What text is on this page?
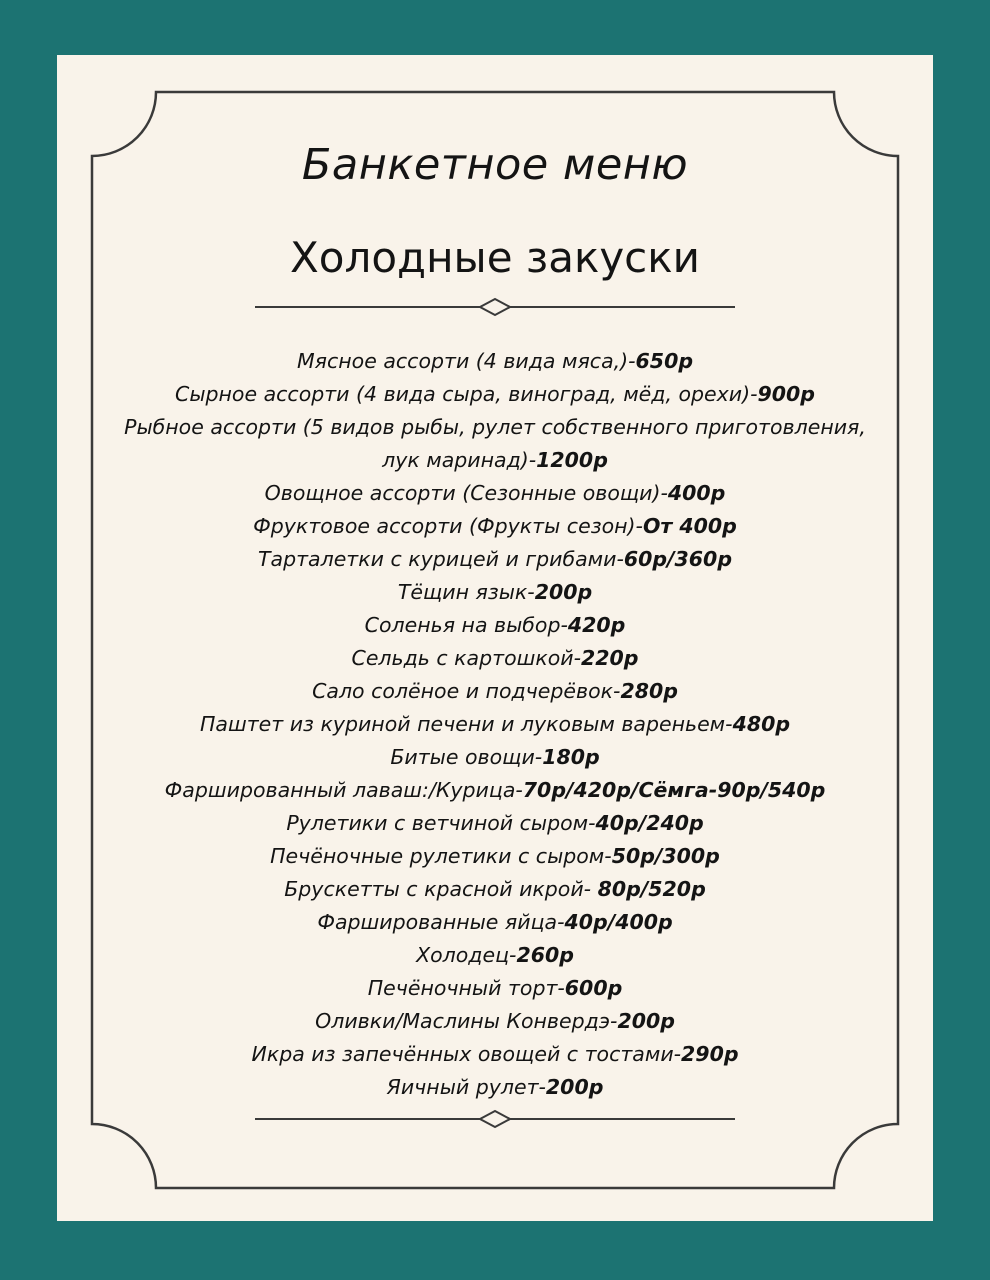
Банкетное меню
Холодные закуски
Мясное ассорти (4 вида мяса,)-650р
Сырное ассорти (4 вида сыра, виноград, мёд, орехи)-900р
Рыбное ассорти (5 видов рыбы, рулет собственного приготовления,
лук маринад)-1200р
Овощное ассорти (Сезонные овощи)-400р
Фруктовое ассорти (Фрукты сезон)-От 400р
Тарталетки с курицей и грибами-60р/360р
Тёщин язык-200р
Соленья на выбор-420р
Сельдь с картошкой-220р
Сало солёное и подчерёвок-280р
Паштет из куриной печени и луковым вареньем-480р
Битые овощи-180р
Фаршированный лаваш:/Курица-70р/420р/Сёмга-90р/540р
Рулетики с ветчиной сыром-40р/240р
Печёночные рулетики с сыром-50р/300р
Брускетты с красной икрой- 80р/520р
Фаршированные яйца-40р/400р
Холодец-260р
Печёночный торт-600р
Оливки/Маслины Конвердэ-200р
Икра из запечённых овощей с тостами-290р
Яичный рулет-200р
